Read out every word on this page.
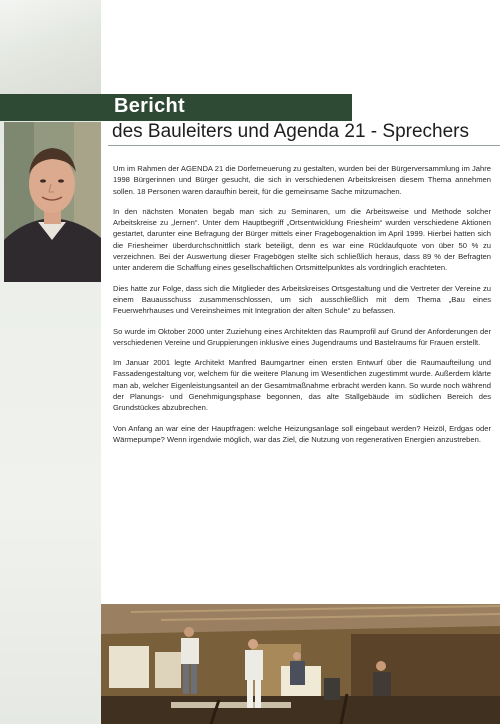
Bericht
des Bauleiters und Agenda 21 - Sprechers

Um im Rahmen der AGENDA 21 die Dorferneuerung zu gestalten, wurden bei der Bürgerversammlung im Jahre 1998 Bürgerinnen und Bürger gesucht, die sich in verschiedenen Arbeitskreisen diesem Thema annehmen sollen. 18 Personen waren daraufhin bereit, für die gemeinsame Sache mitzumachen.

In den nächsten Monaten begab man sich zu Seminaren, um die Arbeitsweise und Methode solcher Arbeitskreise zu „lernen“. Unter dem Hauptbegriff „Ortsentwicklung Friesheim“ wurden verschiedene Aktionen gestartet, darunter eine Befragung der Bürger mittels einer Fragebogenaktion im April 1999. Hierbei hatten sich die Friesheimer überdurchschnittlich stark beteiligt, denn es war eine Rücklaufquote von über 50 % zu verzeichnen. Bei der Auswertung dieser Fragebögen stellte sich schließlich heraus, dass 89 % der Befragten unter anderem die Schaffung eines gesellschaftlichen Ortsmittelpunktes als vordringlich erachteten.

Dies hatte zur Folge, dass sich die Mitglieder des Arbeitskreises Ortsgestaltung und die Vertreter der Vereine zu einem Bauausschuss zusammenschlossen, um sich ausschließlich mit dem Thema „Bau eines Feuerwehrhauses und Vereinsheimes mit Integration der alten Schule“ zu befassen.

So wurde im Oktober 2000 unter Zuziehung eines Architekten das Raumprofil auf Grund der Anforderungen der verschiedenen Vereine und Gruppierungen inklusive eines Jugendraums und Bastelraums für Frauen erstellt.

Im Januar 2001 legte Architekt Manfred Baumgartner einen ersten Entwurf über die Raumaufteilung und Fassadengestaltung vor, welchem für die weitere Planung im Wesentlichen zugestimmt wurde. Außerdem klärte man ab, welcher Eigenleistungsanteil an der Gesamtmaßnahme erbracht werden kann. So wurde noch während der Planungs- und Genehmigungsphase begonnen, das alte Stallgebäude im südlichen Bereich des Grundstückes abzubrechen.

Von Anfang an war eine der Hauptfragen: welche Heizungsanlage soll eingebaut werden? Heizöl, Erdgas oder Wärmepumpe? Wenn irgendwie möglich, war das Ziel, die Nutzung von regenerativen Energien anzustreben.
